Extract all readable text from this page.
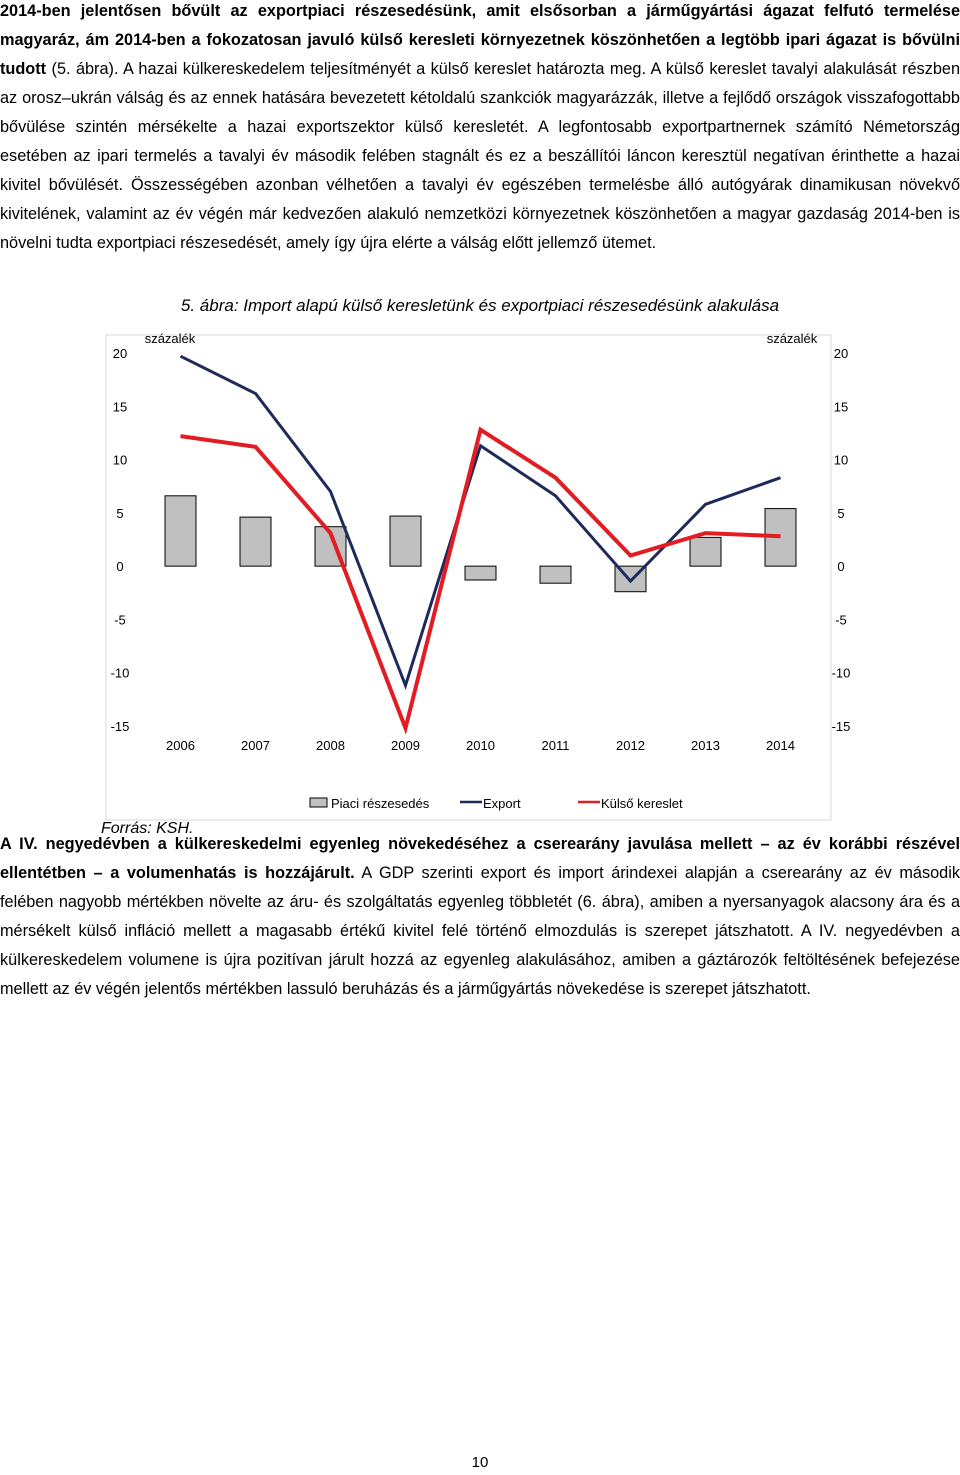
2014-ben jelentősen bővült az exportpiaci részesedésünk, amit elsősorban a járműgyártási ágazat felfutó termelése magyaráz, ám 2014-ben a fokozatosan javuló külső keresleti környezetnek köszönhetően a legtöbb ipari ágazat is bővülni tudott (5. ábra). A hazai külkereskedelem teljesítményét a külső kereslet határozta meg. A külső kereslet tavalyi alakulását részben az orosz–ukrán válság és az ennek hatására bevezetett kétoldalú szankciók magyarázzák, illetve a fejlődő országok visszafogottabb bővülése szintén mérsékelte a hazai exportszektor külső keresletét. A legfontosabb exportpartnernek számító Németország esetében az ipari termelés a tavalyi év második felében stagnált és ez a beszállítói láncon keresztül negatívan érinthette a hazai kivitel bővülését. Összességében azonban vélhetően a tavalyi év egészében termelésbe álló autógyárak dinamikusan növekvő kivitelének, valamint az év végén már kedvezően alakuló nemzetközi környezetnek köszönhetően a magyar gazdaság 2014-ben is növelni tudta exportpiaci részesedését, amely így újra elérte a válság előtt jellemző ütemet.
5. ábra: Import alapú külső keresletünk és exportpiaci részesedésünk alakulása
20	20
15	15
10	10
5	5
0	0
-5	-5
-10	-10
-15	-15
százalék	százalék
2006	2007	2008	2009	2010	2011	2012	2013	2014
Piaci részesedés	Export	Külső kereslet
Forrás: KSH.
A IV. negyedévben a külkereskedelmi egyenleg növekedéséhez a cserearány javulása mellett – az év korábbi részével ellentétben – a volumenhatás is hozzájárult. A GDP szerinti export és import árindexei alapján a cserearány az év második felében nagyobb mértékben növelte az áru- és szolgáltatás egyenleg többletét (6. ábra), amiben a nyersanyagok alacsony ára és a mérsékelt külső infláció mellett a magasabb értékű kivitel felé történő elmozdulás is szerepet játszhatott. A IV. negyedévben a külkereskedelem volumene is újra pozitívan járult hozzá az egyenleg alakulásához, amiben a gáztározók feltöltésének befejezése mellett az év végén jelentős mértékben lassuló beruházás és a járműgyártás növekedése is szerepet játszhatott.
10
